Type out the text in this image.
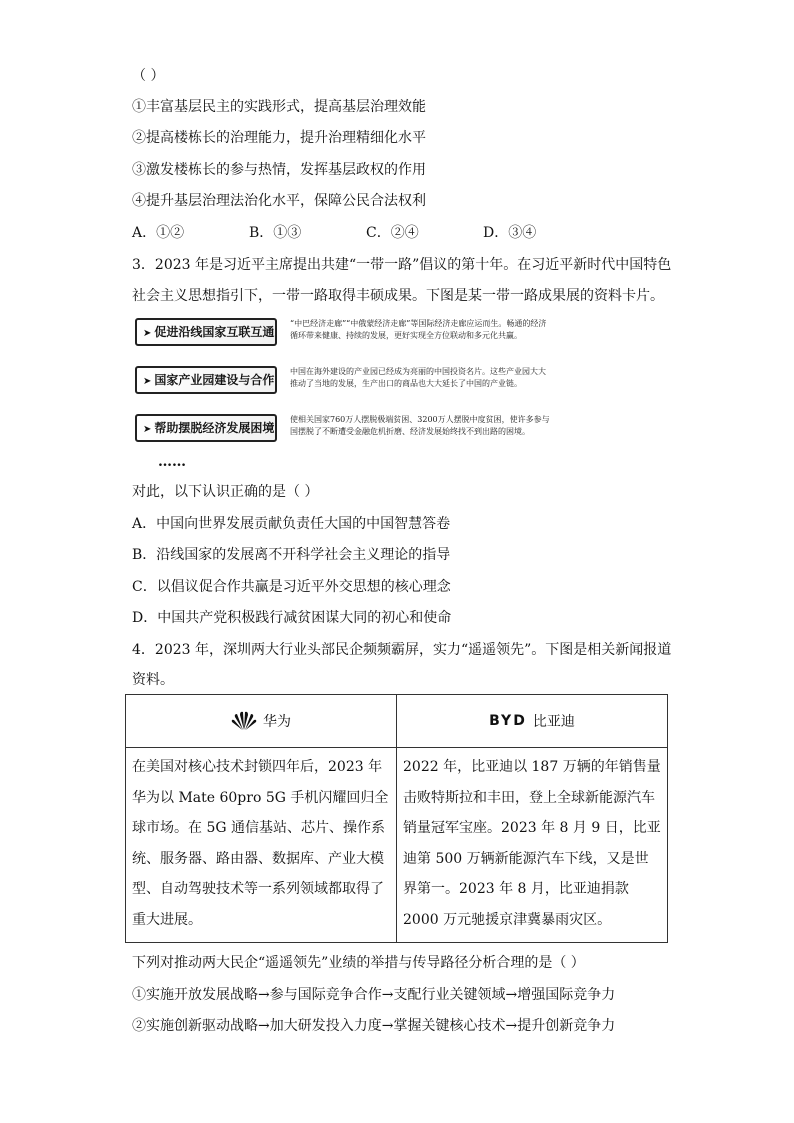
（ ）
①丰富基层民主的实践形式，提高基层治理效能
②提高楼栋长的治理能力，提升治理精细化水平
③激发楼栋长的参与热情，发挥基层政权的作用
④提升基层治理法治化水平，保障公民合法权利
A．①②	B．①③	C．②④	D．③④
3．2023 年是习近平主席提出共建“一带一路”倡议的第十年。在习近平新时代中国特色
社会主义思想指引下，一带一路取得丰硕成果。下图是某一带一路成果展的资料卡片。
➤ 促进沿线国家互联互通
“中巴经济走廊”“中俄蒙经济走廊”等国际经济走廊应运而生。畅通的经济循环带来健康、持续的发展，更好实现全方位联动和多元化共赢。
➤ 国家产业园建设与合作
中国在海外建设的产业园已经成为亮丽的中国投资名片。这些产业园大大推动了当地的发展，生产出口的商品也大大延长了中国的产业链。
➤ 帮助摆脱经济发展困境
使相关国家760万人摆脱极端贫困、3200万人摆脱中度贫困，使许多参与国摆脱了不断遭受金融危机折磨、经济发展始终找不到出路的困境。
……
对此，以下认识正确的是（ ）
A．中国向世界发展贡献负责任大国的中国智慧答卷
B．沿线国家的发展离不开科学社会主义理论的指导
C．以倡议促合作共赢是习近平外交思想的核心理念
D．中国共产党积极践行减贫困谋大同的初心和使命
4．2023 年，深圳两大行业头部民企频频霸屏，实力“遥遥领先”。下图是相关新闻报道
资料。
华为	BYD 比亚迪

在美国对核心技术封锁四年后，2023 年华为以 Mate 60pro 5G 手机闪耀回归全球市场。在 5G 通信基站、芯片、操作系统、服务器、路由器、数据库、产业大模型、自动驾驶技术等一系列领域都取得了重大进展。	2022 年，比亚迪以 187 万辆的年销售量击败特斯拉和丰田，登上全球新能源汽车销量冠军宝座。2023 年 8 月 9 日，比亚迪第 500 万辆新能源汽车下线，又是世界第一。2023 年 8 月，比亚迪捐款 2000 万元驰援京津冀暴雨灾区。
下列对推动两大民企“遥遥领先”业绩的举措与传导路径分析合理的是（ ）
①实施开放发展战略→参与国际竞争合作→支配行业关键领域→增强国际竞争力
②实施创新驱动战略→加大研发投入力度→掌握关键核心技术→提升创新竞争力
